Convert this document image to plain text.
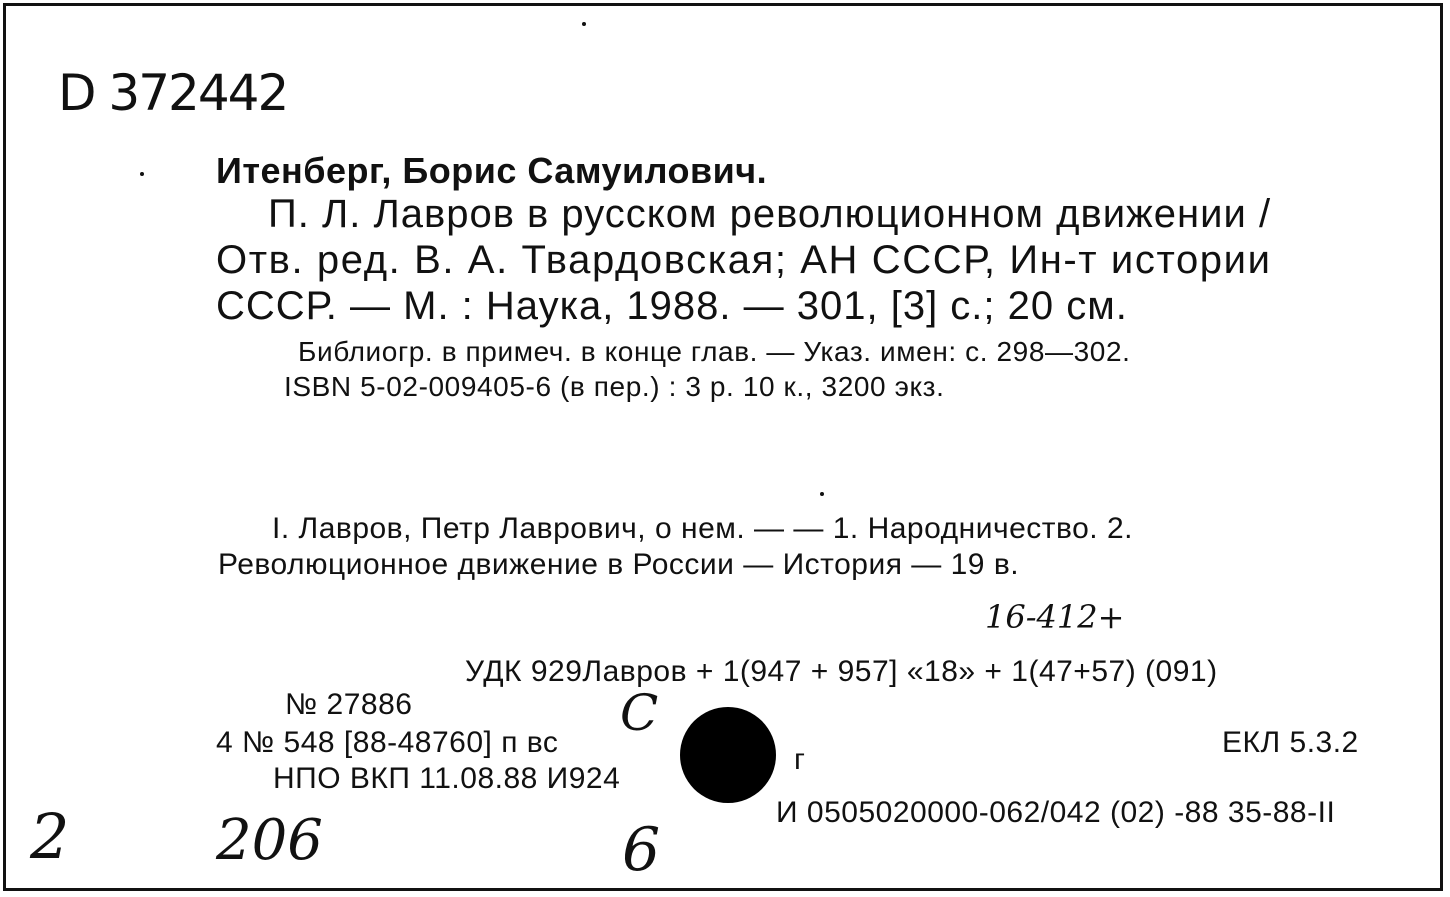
D 372442
Итенберг, Борис Самуилович.
П. Л. Лавров в русском революционном движении /
Отв. ред. В. А. Твардовская; АН СССР, Ин-т истории
СССР. — М. : Наука, 1988. — 301, [3] с.; 20 см.
Библиогр. в примеч. в конце глав. — Указ. имен: с. 298—302.
ISBN 5-02-009405-6 (в пер.) : 3 р. 10 к., 3200 экз.
I. Лавров, Петр Лаврович, о нем. — — 1. Народничество. 2.
Революционное движение в России — История — 19 в.
16-412+
УДК 929Лавров + 1(947 + 957] «18» + 1(47+57) (091)
№ 27886
4 № 548 [88-48760] п вс
НПО ВКП 11.08.88 И924
С
г
ЕКЛ 5.3.2
И 0505020000-062/042 (02) -88 35-88-II
2	206	6
